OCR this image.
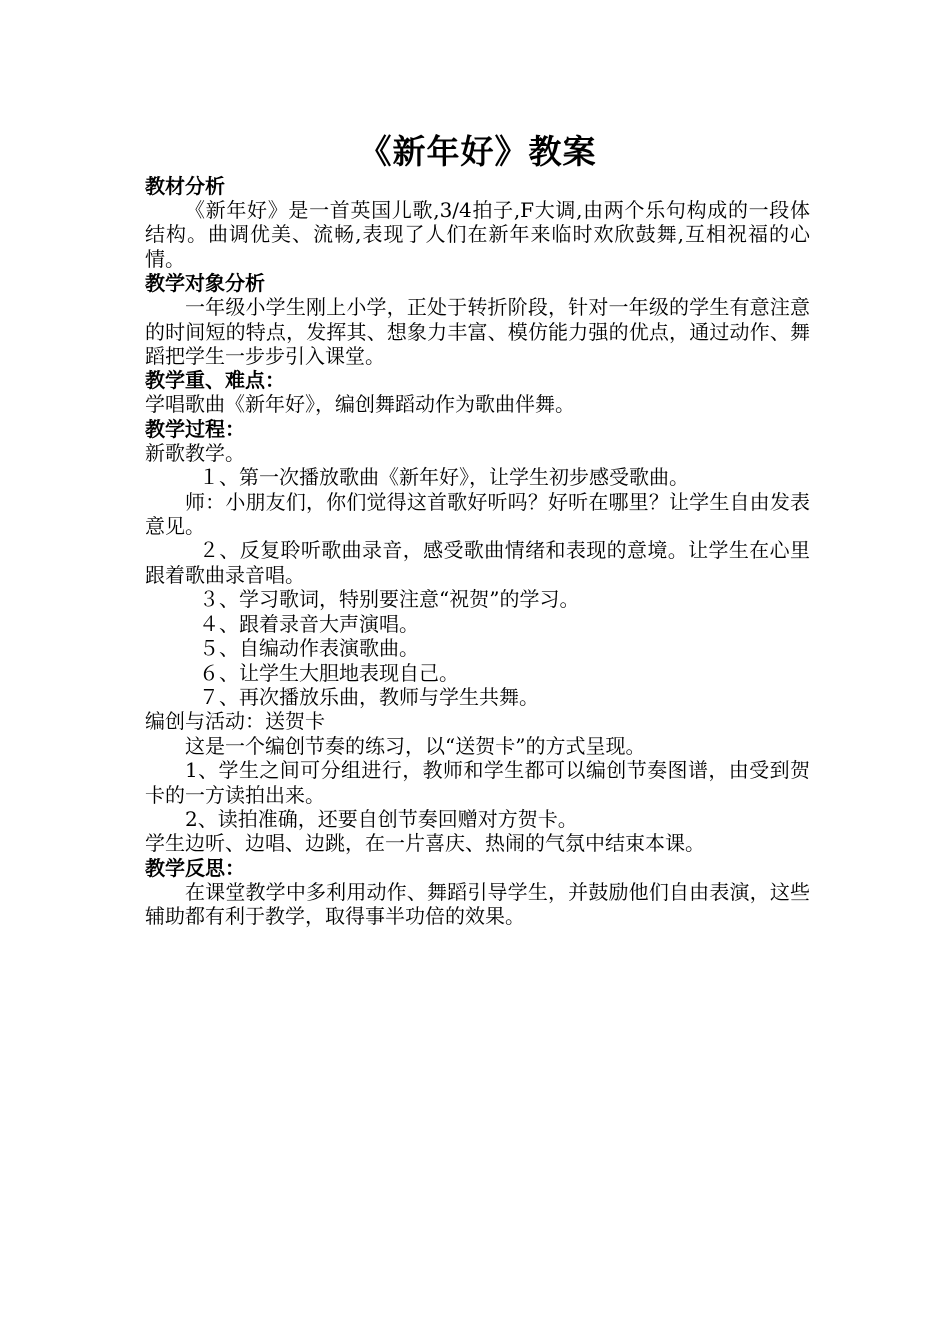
《新年好》教案

教材分析

《新年好》是一首英国儿歌,3/4拍子,F大调,由两个乐句构成的一段体结构。曲调优美、流畅,表现了人们在新年来临时欢欣鼓舞,互相祝福的心情。

教学对象分析

一年级小学生刚上小学，正处于转折阶段，针对一年级的学生有意注意的时间短的特点，发挥其、想象力丰富、模仿能力强的优点，通过动作、舞蹈把学生一步步引入课堂。

教学重、难点：

学唱歌曲《新年好》，编创舞蹈动作为歌曲伴舞。

教学过程：

新歌教学。

１、第一次播放歌曲《新年好》，让学生初步感受歌曲。

师：小朋友们，你们觉得这首歌好听吗？好听在哪里？让学生自由发表意见。

２、反复聆听歌曲录音，感受歌曲情绪和表现的意境。让学生在心里跟着歌曲录音唱。

３、学习歌词，特别要注意“祝贺”的学习。

４、跟着录音大声演唱。

５、自编动作表演歌曲。

６、让学生大胆地表现自己。

７、再次播放乐曲，教师与学生共舞。

编创与活动：送贺卡

这是一个编创节奏的练习，以“送贺卡”的方式呈现。

1、学生之间可分组进行，教师和学生都可以编创节奏图谱，由受到贺卡的一方读拍出来。

2、读拍准确，还要自创节奏回赠对方贺卡。

学生边听、边唱、边跳，在一片喜庆、热闹的气氛中结束本课。

教学反思：

在课堂教学中多利用动作、舞蹈引导学生，并鼓励他们自由表演，这些辅助都有利于教学，取得事半功倍的效果。
